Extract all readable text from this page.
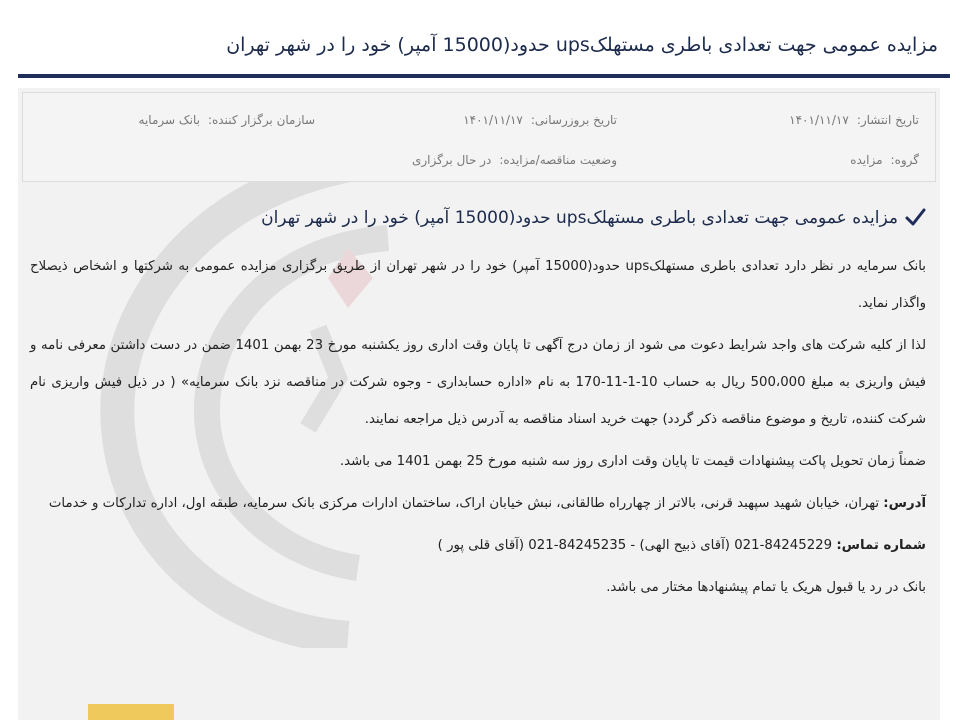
مزایده عمومی جهت تعدادی باطری مستهلکups حدود(15000 آمپر) خود را در شهر تهران
تاریخ انتشار:۱۴۰۱/۱۱/۱۷
تاریخ بروزرسانی:۱۴۰۱/۱۱/۱۷
سازمان برگزار کننده:بانک سرمایه
گروه:مزایده
وضعیت مناقصه/مزایده:در حال برگزاری
مزایده عمومی جهت تعدادی باطری مستهلکups حدود(15000 آمپر) خود را در شهر تهران

بانک سرمایه در نظر دارد تعدادی باطری مستهلکups حدود(15000 آمپر) خود را در شهر تهران از طریق برگزاری مزایده عمومی به شرکتها و اشخاص ذیصلاح واگذار نماید.

لذا از کلیه شرکت های واجد شرایط دعوت می شود از زمان درج آگهی تا پایان وقت اداری روز یکشنبه مورخ 23 بهمن 1401 ضمن در دست داشتن معرفی نامه و فیش واریزی به مبلغ 500،000 ریال به حساب 10-1-11-170 به نام «اداره حسابداری - وجوه شرکت در مناقصه نزد بانک سرمایه» ( در ذیل فیش واریزی نام شرکت کننده، تاریخ و موضوع مناقصه ذکر گردد) جهت خرید اسناد مناقصه به آدرس ذیل مراجعه نمایند.

ضمناً زمان تحویل پاکت پیشنهادات قیمت تا پایان وقت اداری روز سه شنبه مورخ 25 بهمن 1401 می باشد.

آدرس: تهران، خیابان شهید سپهبد قرنی، بالاتر از چهارراه طالقانی، نبش خیابان اراک، ساختمان ادارات مرکزی بانک سرمایه، طبقه اول، اداره تدارکات و خدمات

شماره تماس: 84245229-021 (آقای ذبیح الهی) - 84245235-021 (آقای قلی پور )

بانک در رد یا قبول هریک یا تمام پیشنهادها مختار می باشد.
